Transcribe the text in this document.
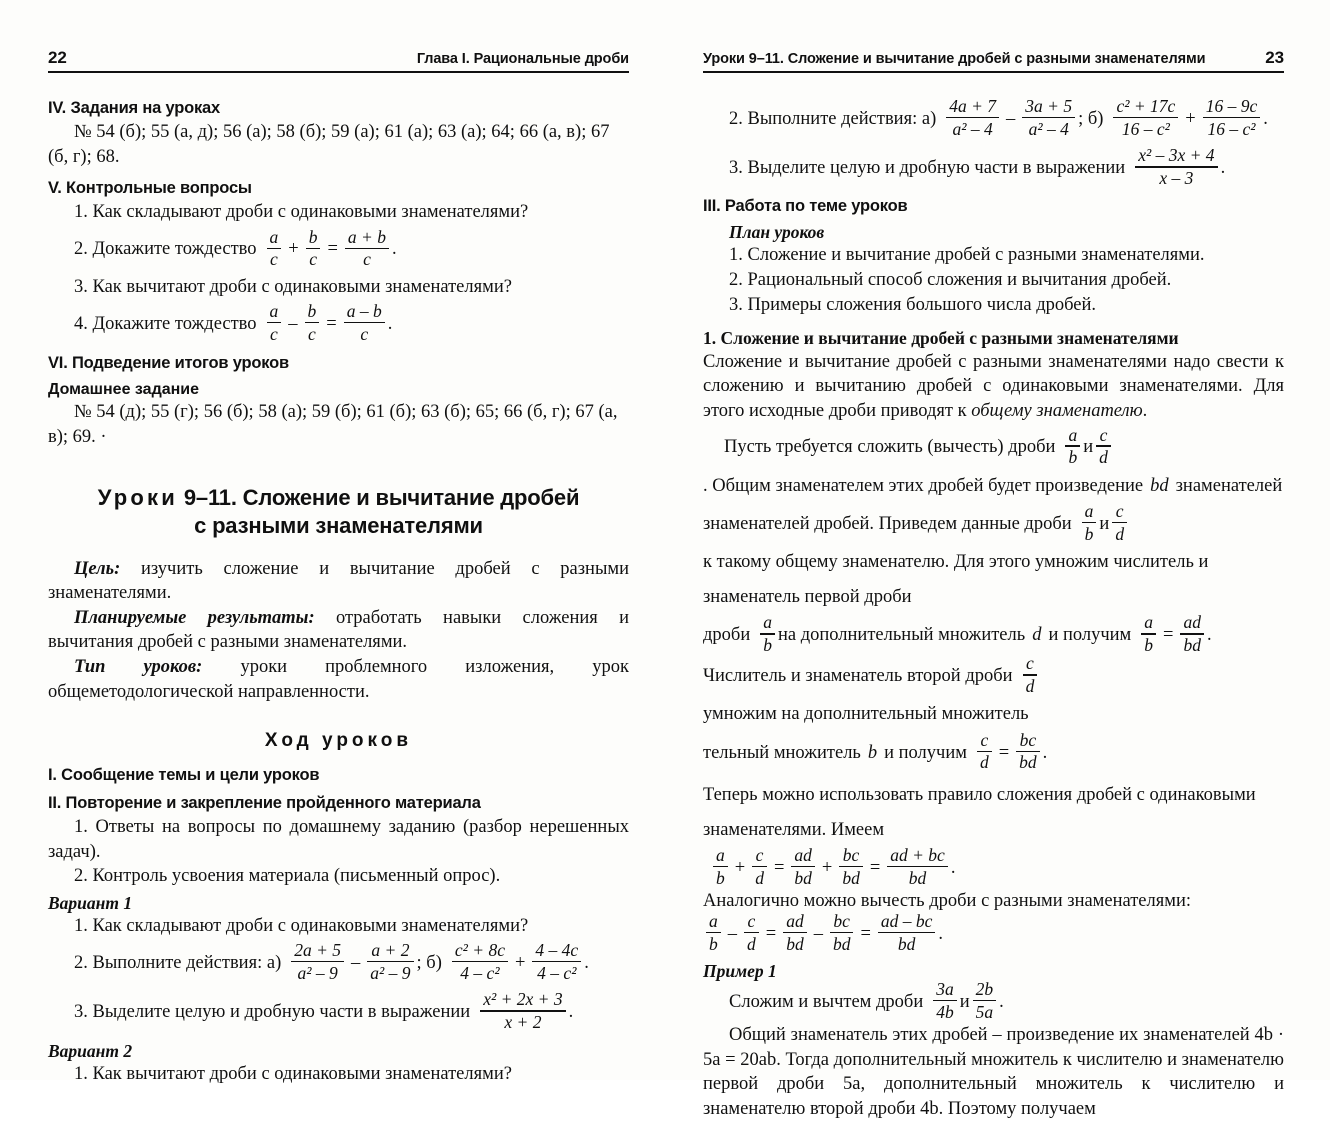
22	Глава I. Рациональные дроби
IV. Задания на уроках

№ 54 (б); 55 (а, д); 56 (а); 58 (б); 59 (а); 61 (а); 63 (а); 64; 66 (а, в); 67 (б, г); 68.

V. Контрольные вопросы

1. Как складывают дроби с одинаковыми знаменателями?

2. Докажите тождество $\frac{a}{c} + \frac{b}{c} = \frac{a + b}{c}$ .

3. Как вычитают дроби с одинаковыми знаменателями?

4. Докажите тождество $\frac{a}{c} - \frac{b}{c} = \frac{a - b}{c}$ .
VI. Подведение итогов уроков
Домашнее задание

№ 54 (д); 55 (г); 56 (б); 58 (а); 59 (б); 61 (б); 63 (б); 65; 66 (б, г); 67 (а, в); 69. ·

Уроки 9–11. Сложение и вычитание дробей
с разными знаменателями

Цель: изучить сложение и вычитание дробей с разными знаменателями.

Планируемые результаты: отработать навыки сложения и вычитания дробей с разными знаменателями.

Тип уроков: уроки проблемного изложения, урок общеметодологической направленности.

Ход уроков
I. Сообщение темы и цели уроков
II. Повторение и закрепление пройденного материала

1. Ответы на вопросы по домашнему заданию (разбор нерешенных задач).

2. Контроль усвоения материала (письменный опрос).

Вариант 1

1. Как складывают дроби с одинаковыми знаменателями?

2. Выполните действия: $а) \frac{2a + 5}{\text{a² – 9}} - \frac{a + 2}{\text{a² – 9}}$ ; $б) \frac{\text{c² + 8c}}{\text{4 – c²}} + \frac{4 - 4c}{\text{4 – c²}}$ .
3. Выделите целую и дробную части в выражении $\frac{\text{x² + 2x + 3}}{x + 2}$ .
Вариант 2

1. Как вычитают дроби с одинаковыми знаменателями?

Уроки 9–11. Сложение и вычитание дробей с разными знаменателями	23
2. Выполните действия: $а) \frac{4a + 7}{\text{a² – 4}} - \frac{3a + 5}{\text{a² – 4}}$ ; $б) \frac{\text{c² + 17c}}{\text{16 – c²}} + \frac{16 - 9c}{\text{16 – c²}}$ .
3. Выделите целую и дробную части в выражении $\frac{\text{x² – 3x + 4}}{x - 3}$ .
III. Работа по теме уроков
План уроков

1. Сложение и вычитание дробей с разными знаменателями.

2. Рациональный способ сложения и вычитания дробей.

3. Примеры сложения большого числа дробей.

1. Сложение и вычитание дробей с разными знаменателями

Сложение и вычитание дробей с разными знаменателями надо свести к сложению и вычитанию дробей с одинаковыми знаменателями. Для этого исходные дроби приводят к общему знаменателю.

Пусть требуется сложить (вычесть) дроби $\frac{a}{b}$ и $\frac{c}{d}$
. Общим знаменателем этих дробей будет произведение bd знаменателей
знаменателей дробей. Приведем данные дроби $\frac{a}{b}$ и $\frac{c}{d}$
к такому общему знаменателю. Для этого умножим числитель и знаменатель первой дроби
дроби $\frac{a}{b}$ на дополнительный множитель d и получим $\frac{a}{b} = \frac{ad}{bd}$ .
Числитель и знаменатель второй дроби $\frac{c}{d}$
умножим на дополнительный множитель
тельный множитель b и получим $\frac{c}{d} = \frac{bc}{bd}$ .
Теперь можно использовать правило сложения дробей с одинаковыми знаменателями. Имеем
$\frac{a}{b} + \frac{c}{d} = \frac{ad}{bd} + \frac{bc}{bd} = \frac{ad + bc}{bd}$ .

Аналогично можно вычесть дроби с разными знаменателями:

$\frac{a}{b} - \frac{c}{d} = \frac{ad}{bd} - \frac{bc}{bd} = \frac{ad - bc}{bd}$ .
Пример 1
Сложим и вычтем дроби $\frac{3a}{4b}$ и $\frac{2b}{5a}$ .

Общий знаменатель этих дробей – произведение их знаменателей 4b · 5a = 20ab. Тогда дополнительный множитель к числителю и знаменателю первой дроби 5a, дополнительный множитель к числителю и знаменателю второй дроби 4b. Поэтому получаем
